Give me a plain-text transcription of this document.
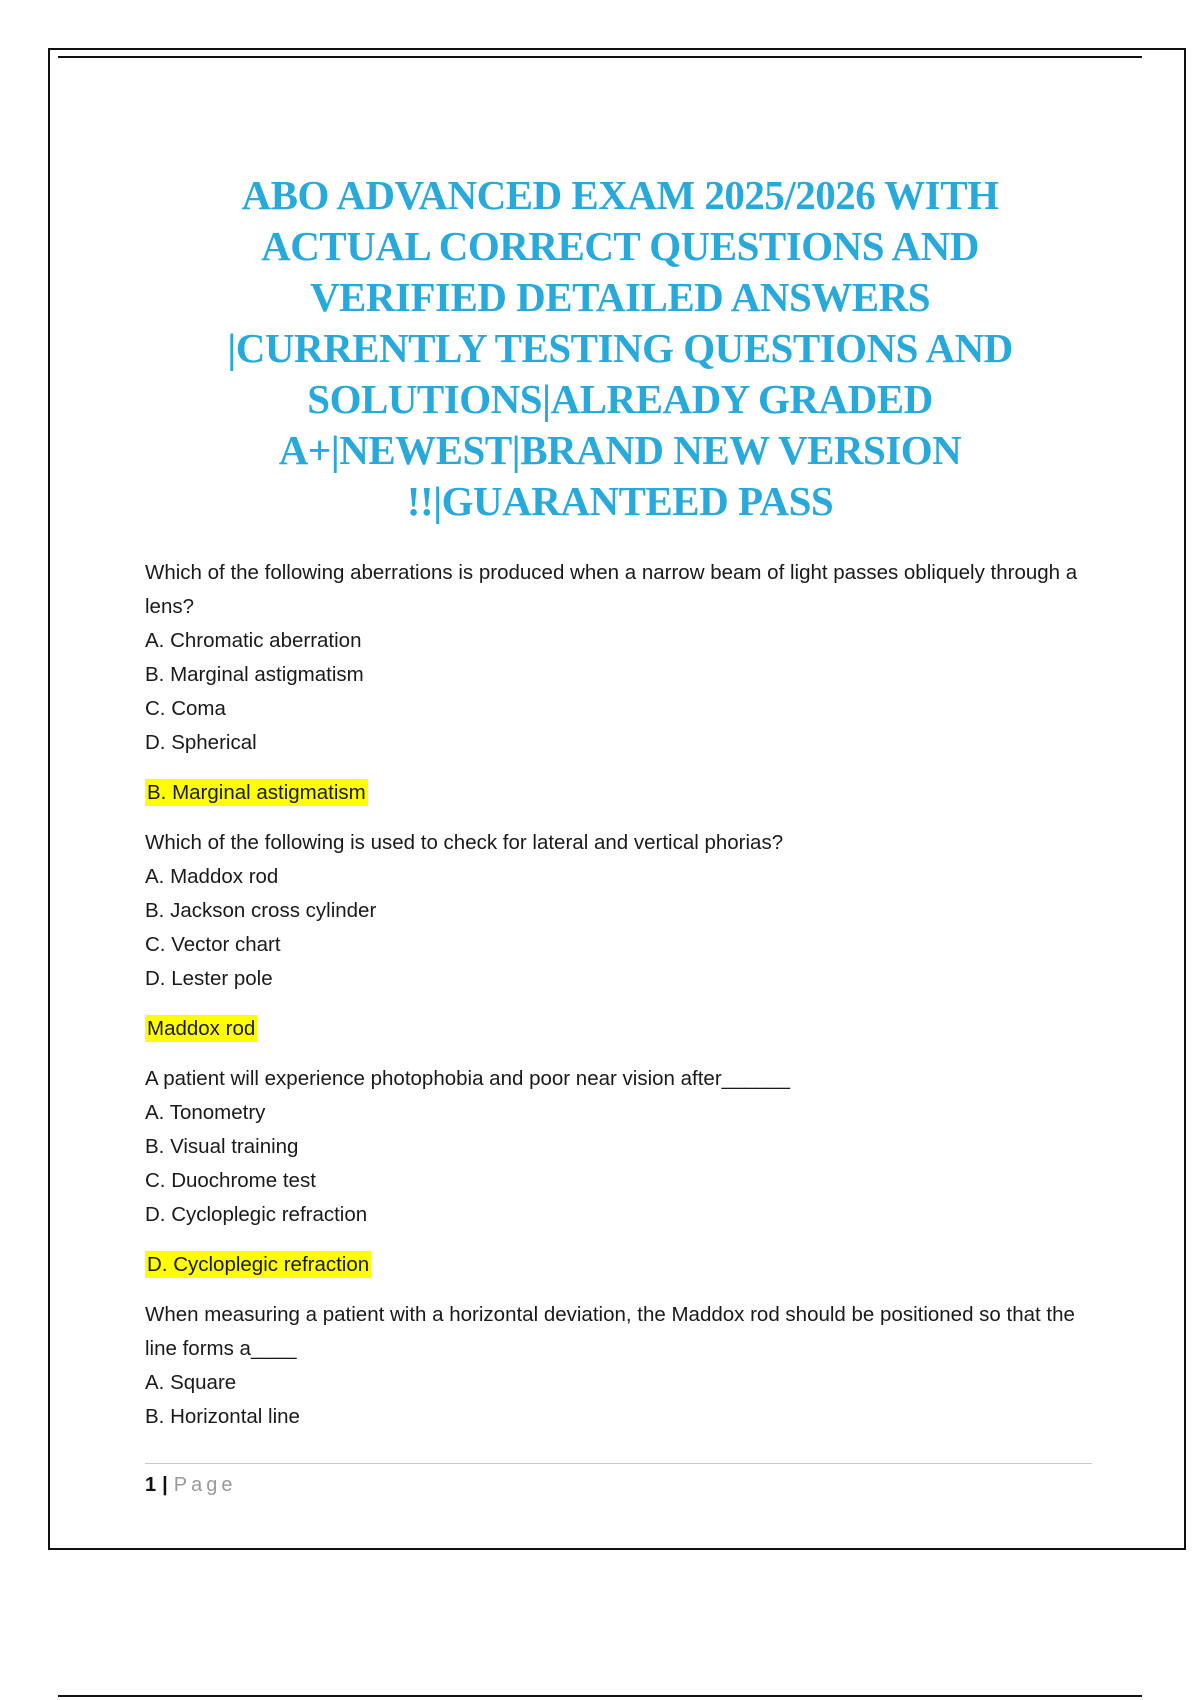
ABO ADVANCED EXAM 2025/2026 WITH
ACTUAL CORRECT QUESTIONS AND
VERIFIED DETAILED ANSWERS
|CURRENTLY TESTING QUESTIONS AND
SOLUTIONS|ALREADY GRADED
A+|NEWEST|BRAND NEW VERSION
!!|GUARANTEED PASS

Which of the following aberrations is produced when a narrow beam of light passes obliquely through a lens?

A. Chromatic aberration
B. Marginal astigmatism
C. Coma
D. Spherical

B. Marginal astigmatism

Which of the following is used to check for lateral and vertical phorias?

A. Maddox rod
B. Jackson cross cylinder
C. Vector chart
D. Lester pole

Maddox rod

A patient will experience photophobia and poor near vision after______

A. Tonometry
B. Visual training
C. Duochrome test
D. Cycloplegic refraction

D. Cycloplegic refraction

When measuring a patient with a horizontal deviation, the Maddox rod should be positioned so that the line forms a____

A. Square
B. Horizontal line
1 | Page
